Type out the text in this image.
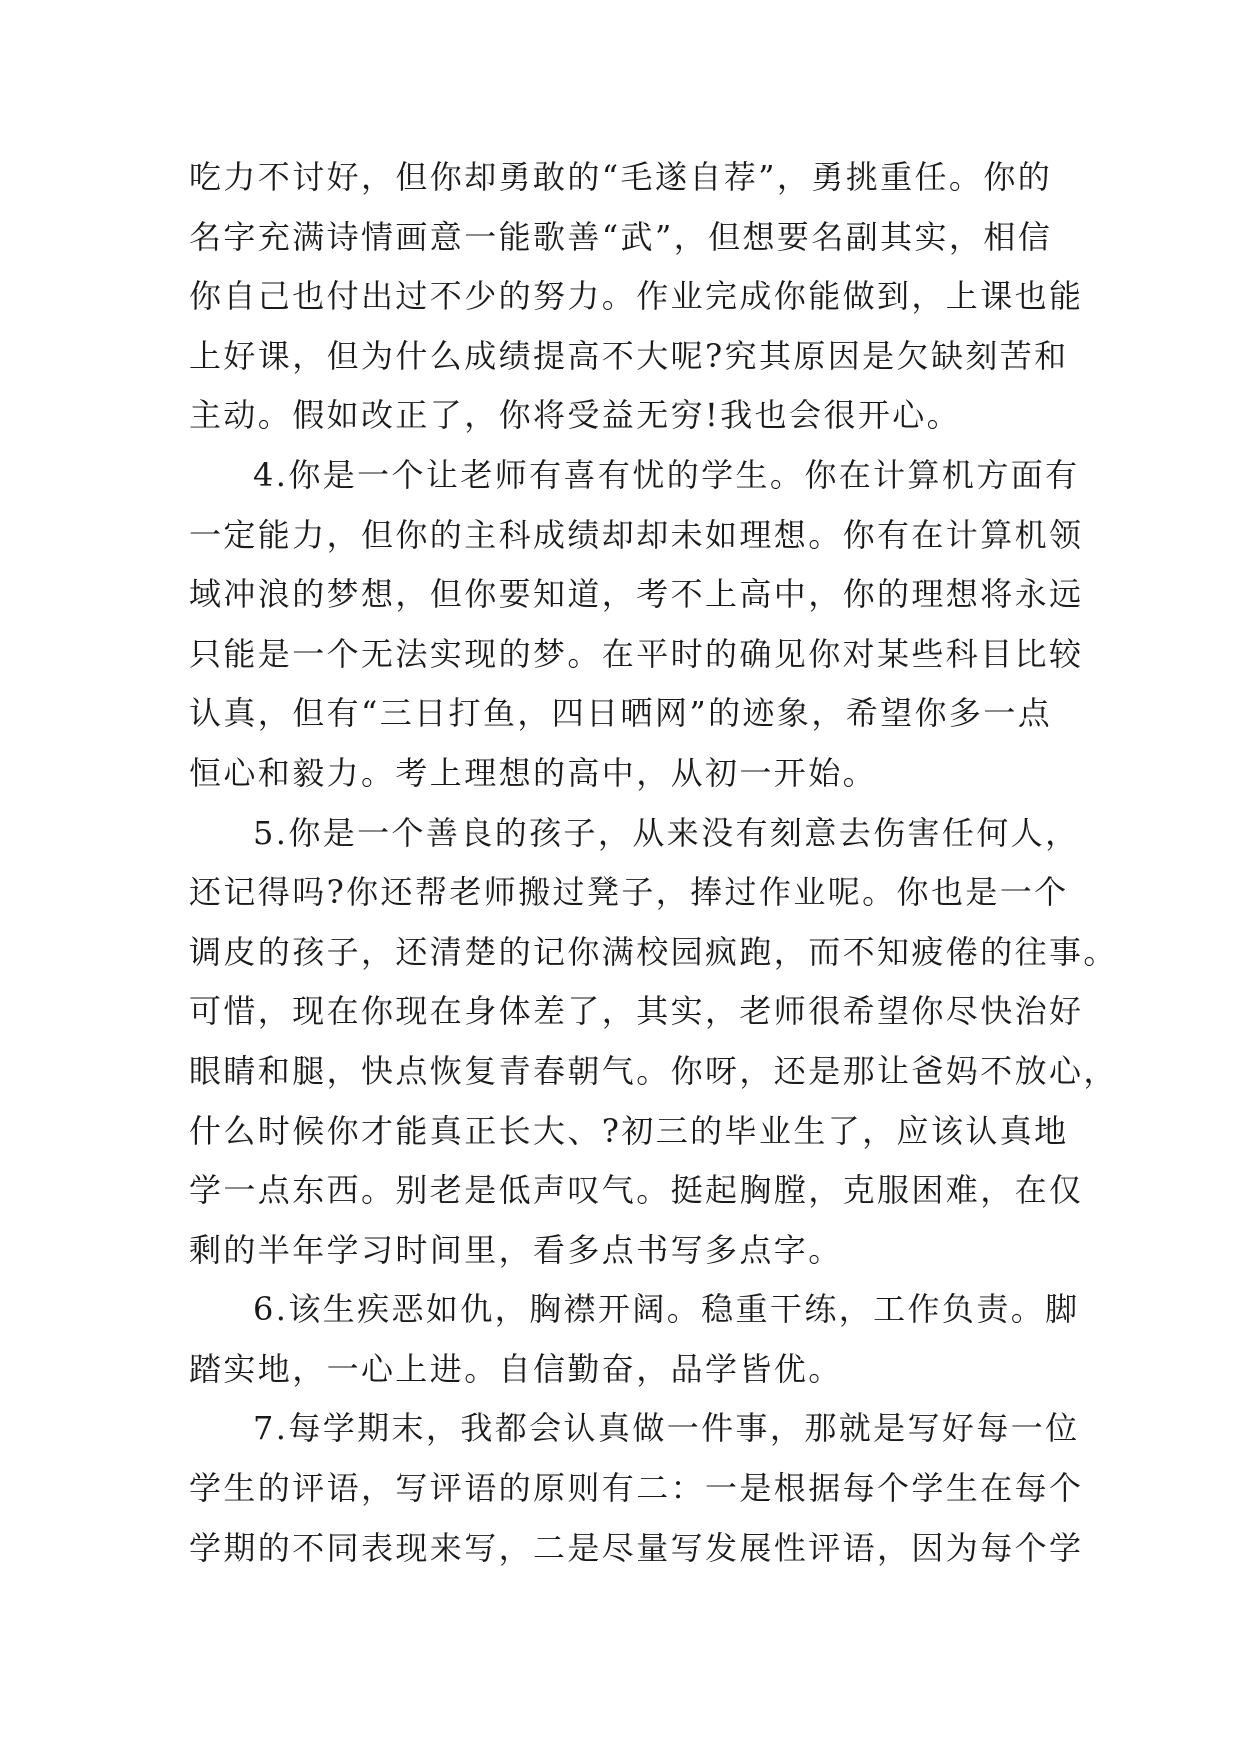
吃力不讨好，但你却勇敢的“毛遂自荐”，勇挑重任。你的
名字充满诗情画意一能歌善“武”，但想要名副其实，相信
你自己也付出过不少的努力。作业完成你能做到，上课也能
上好课，但为什么成绩提高不大呢?究其原因是欠缺刻苦和
主动。假如改正了，你将受益无穷!我也会很开心。
4.你是一个让老师有喜有忧的学生。你在计算机方面有
一定能力，但你的主科成绩却却未如理想。你有在计算机领
域冲浪的梦想，但你要知道，考不上高中，你的理想将永远
只能是一个无法实现的梦。在平时的确见你对某些科目比较
认真，但有“三日打鱼，四日晒网”的迹象，希望你多一点
恒心和毅力。考上理想的高中，从初一开始。
5.你是一个善良的孩子，从来没有刻意去伤害任何人，
还记得吗?你还帮老师搬过凳子，捧过作业呢。你也是一个
调皮的孩子，还清楚的记你满校园疯跑，而不知疲倦的往事。
可惜，现在你现在身体差了，其实，老师很希望你尽快治好
眼睛和腿，快点恢复青春朝气。你呀，还是那让爸妈不放心，
什么时候你才能真正长大、?初三的毕业生了，应该认真地
学一点东西。别老是低声叹气。挺起胸膛，克服困难，在仅
剩的半年学习时间里，看多点书写多点字。
6.该生疾恶如仇，胸襟开阔。稳重干练，工作负责。脚
踏实地，一心上进。自信勤奋，品学皆优。
7.每学期末，我都会认真做一件事，那就是写好每一位
学生的评语，写评语的原则有二：一是根据每个学生在每个
学期的不同表现来写，二是尽量写发展性评语，因为每个学
